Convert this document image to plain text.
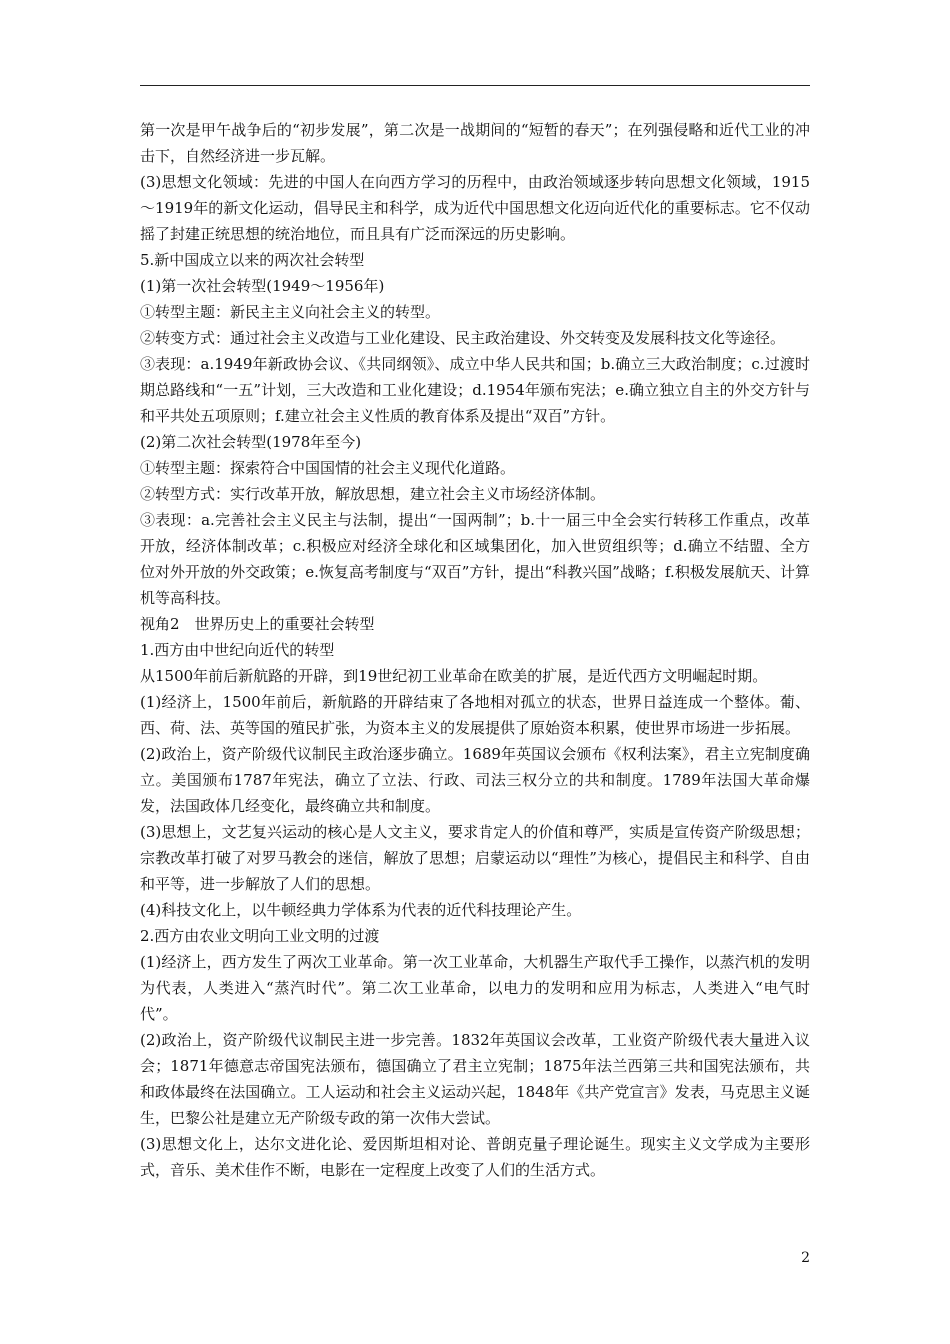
第一次是甲午战争后的“初步发展”，第二次是一战期间的“短暂的春天”；在列强侵略和近代工业的冲击下，自然经济进一步瓦解。

(3)思想文化领域：先进的中国人在向西方学习的历程中，由政治领域逐步转向思想文化领域，1915～1919年的新文化运动，倡导民主和科学，成为近代中国思想文化迈向近代化的重要标志。它不仅动摇了封建正统思想的统治地位，而且具有广泛而深远的历史影响。

5.新中国成立以来的两次社会转型

(1)第一次社会转型(1949～1956年)

①转型主题：新民主主义向社会主义的转型。

②转变方式：通过社会主义改造与工业化建设、民主政治建设、外交转变及发展科技文化等途径。

③表现：a.1949年新政协会议、《共同纲领》、成立中华人民共和国；b.确立三大政治制度；c.过渡时期总路线和“一五”计划，三大改造和工业化建设；d.1954年颁布宪法；e.确立独立自主的外交方针与和平共处五项原则；f.建立社会主义性质的教育体系及提出“双百”方针。

(2)第二次社会转型(1978年至今)

①转型主题：探索符合中国国情的社会主义现代化道路。

②转型方式：实行改革开放，解放思想，建立社会主义市场经济体制。

③表现：a.完善社会主义民主与法制，提出“一国两制”；b.十一届三中全会实行转移工作重点，改革开放，经济体制改革；c.积极应对经济全球化和区域集团化，加入世贸组织等；d.确立不结盟、全方位对外开放的外交政策；e.恢复高考制度与“双百”方针，提出“科教兴国”战略；f.积极发展航天、计算机等高科技。

视角2　世界历史上的重要社会转型

1.西方由中世纪向近代的转型

从1500年前后新航路的开辟，到19世纪初工业革命在欧美的扩展，是近代西方文明崛起时期。

(1)经济上，1500年前后，新航路的开辟结束了各地相对孤立的状态，世界日益连成一个整体。葡、西、荷、法、英等国的殖民扩张，为资本主义的发展提供了原始资本积累，使世界市场进一步拓展。

(2)政治上，资产阶级代议制民主政治逐步确立。1689年英国议会颁布《权利法案》，君主立宪制度确立。美国颁布1787年宪法，确立了立法、行政、司法三权分立的共和制度。1789年法国大革命爆发，法国政体几经变化，最终确立共和制度。

(3)思想上，文艺复兴运动的核心是人文主义，要求肯定人的价值和尊严，实质是宣传资产阶级思想；宗教改革打破了对罗马教会的迷信，解放了思想；启蒙运动以“理性”为核心，提倡民主和科学、自由和平等，进一步解放了人们的思想。

(4)科技文化上，以牛顿经典力学体系为代表的近代科技理论产生。

2.西方由农业文明向工业文明的过渡

(1)经济上，西方发生了两次工业革命。第一次工业革命，大机器生产取代手工操作，以蒸汽机的发明为代表，人类进入“蒸汽时代”。第二次工业革命，以电力的发明和应用为标志，人类进入“电气时代”。

(2)政治上，资产阶级代议制民主进一步完善。1832年英国议会改革，工业资产阶级代表大量进入议会；1871年德意志帝国宪法颁布，德国确立了君主立宪制；1875年法兰西第三共和国宪法颁布，共和政体最终在法国确立。工人运动和社会主义运动兴起，1848年《共产党宣言》发表，马克思主义诞生，巴黎公社是建立无产阶级专政的第一次伟大尝试。

(3)思想文化上，达尔文进化论、爱因斯坦相对论、普朗克量子理论诞生。现实主义文学成为主要形式，音乐、美术佳作不断，电影在一定程度上改变了人们的生活方式。

2
